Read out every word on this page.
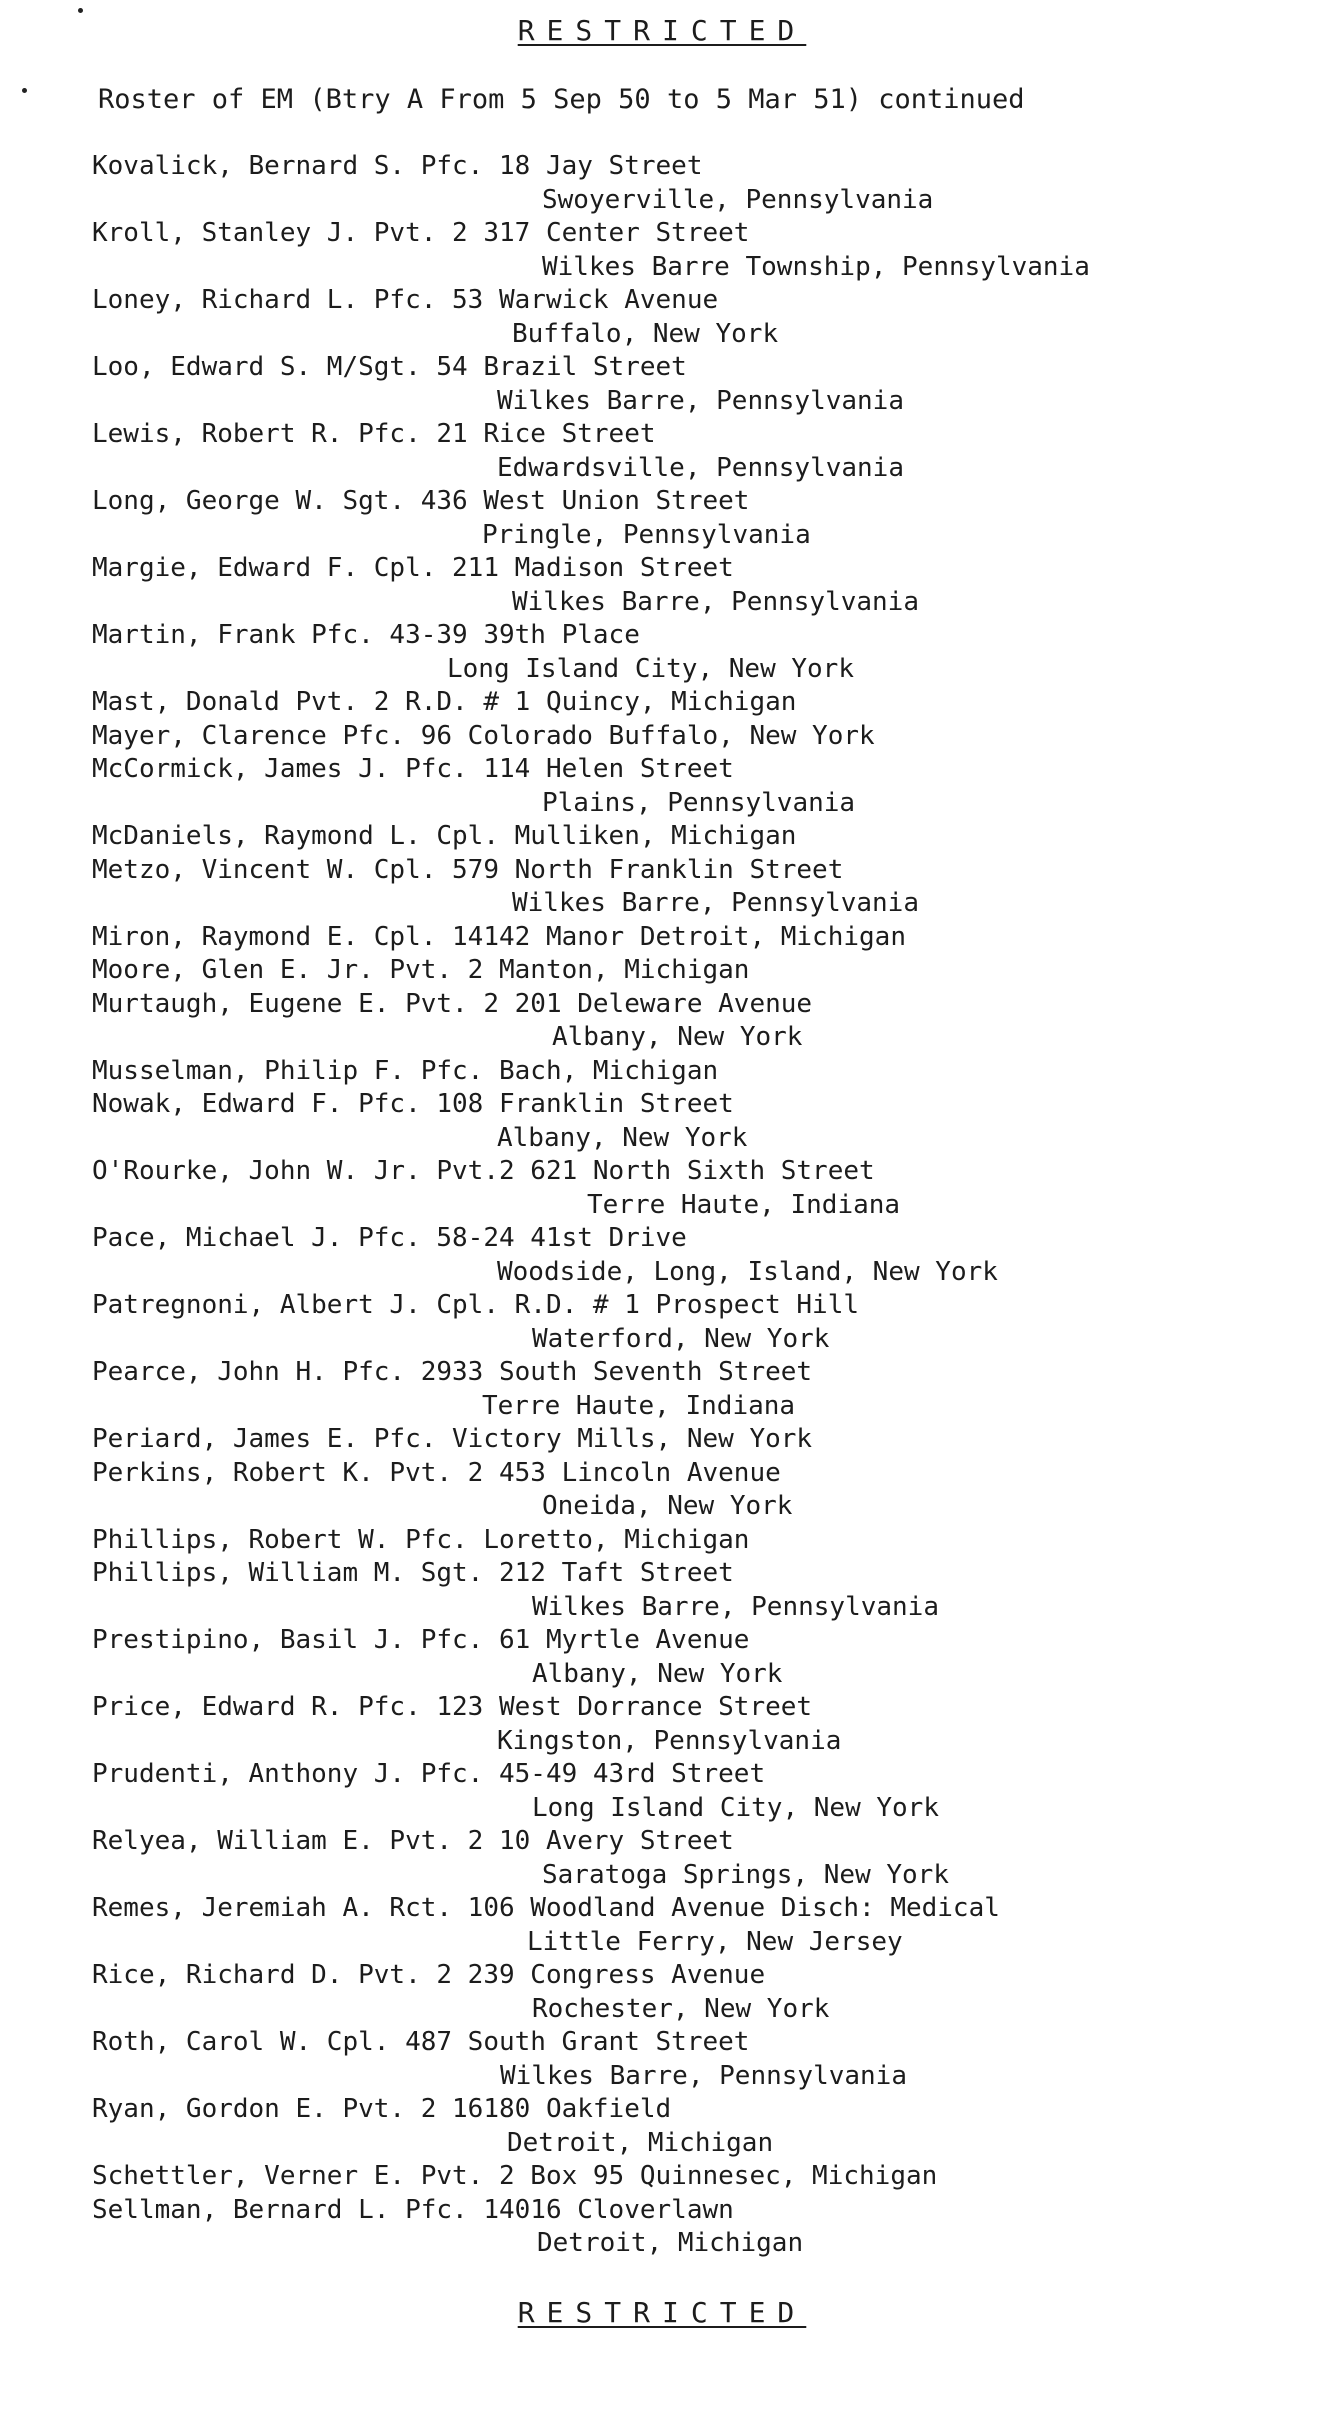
RESTRICTED
Roster of EM (Btry A From 5 Sep 50 to 5 Mar 51) continued
Kovalick, Bernard S. Pfc. 18 Jay Street
Swoyerville, Pennsylvania
Kroll, Stanley J. Pvt. 2 317 Center Street
Wilkes Barre Township, Pennsylvania
Loney, Richard L. Pfc. 53 Warwick Avenue
Buffalo, New York
Loo, Edward S. M/Sgt. 54 Brazil Street
Wilkes Barre, Pennsylvania
Lewis, Robert R. Pfc. 21 Rice Street
Edwardsville, Pennsylvania
Long, George W. Sgt. 436 West Union Street
Pringle, Pennsylvania
Margie, Edward F. Cpl. 211 Madison Street
Wilkes Barre, Pennsylvania
Martin, Frank Pfc. 43-39 39th Place
Long Island City, New York
Mast, Donald Pvt. 2 R.D. # 1 Quincy, Michigan
Mayer, Clarence Pfc. 96 Colorado Buffalo, New York
McCormick, James J. Pfc. 114 Helen Street
Plains, Pennsylvania
McDaniels, Raymond L. Cpl. Mulliken, Michigan
Metzo, Vincent W. Cpl. 579 North Franklin Street
Wilkes Barre, Pennsylvania
Miron, Raymond E. Cpl. 14142 Manor Detroit, Michigan
Moore, Glen E. Jr. Pvt. 2 Manton, Michigan
Murtaugh, Eugene E. Pvt. 2 201 Deleware Avenue
Albany, New York
Musselman, Philip F. Pfc. Bach, Michigan
Nowak, Edward F. Pfc. 108 Franklin Street
Albany, New York
O'Rourke, John W. Jr. Pvt.2 621 North Sixth Street
Terre Haute, Indiana
Pace, Michael J. Pfc. 58-24 41st Drive
Woodside, Long, Island, New York
Patregnoni, Albert J. Cpl. R.D. # 1 Prospect Hill
Waterford, New York
Pearce, John H. Pfc. 2933 South Seventh Street
Terre Haute, Indiana
Periard, James E. Pfc. Victory Mills, New York
Perkins, Robert K. Pvt. 2 453 Lincoln Avenue
Oneida, New York
Phillips, Robert W. Pfc. Loretto, Michigan
Phillips, William M. Sgt. 212 Taft Street
Wilkes Barre, Pennsylvania
Prestipino, Basil J. Pfc. 61 Myrtle Avenue
Albany, New York
Price, Edward R. Pfc. 123 West Dorrance Street
Kingston, Pennsylvania
Prudenti, Anthony J. Pfc. 45-49 43rd Street
Long Island City, New York
Relyea, William E. Pvt. 2 10 Avery Street
Saratoga Springs, New York
Remes, Jeremiah A. Rct. 106 Woodland Avenue Disch: Medical
Little Ferry, New Jersey
Rice, Richard D. Pvt. 2 239 Congress Avenue
Rochester, New York
Roth, Carol W. Cpl. 487 South Grant Street
Wilkes Barre, Pennsylvania
Ryan, Gordon E. Pvt. 2 16180 Oakfield
Detroit, Michigan
Schettler, Verner E. Pvt. 2 Box 95 Quinnesec, Michigan
Sellman, Bernard L. Pfc. 14016 Cloverlawn
Detroit, Michigan
RESTRICTED
